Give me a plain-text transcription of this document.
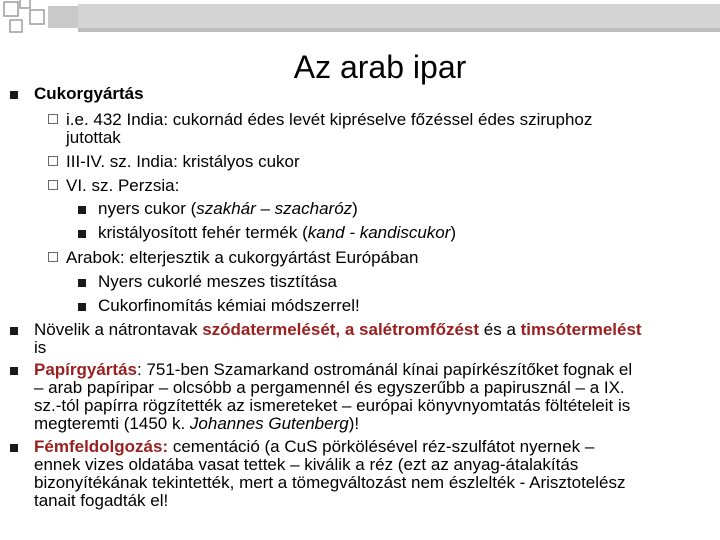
Az arab ipar
Cukorgyártás
i.e. 432 India: cukornád édes levét kipréselve főzéssel édes sziruphoz
jutottak
III-IV. sz. India: kristályos cukor
VI. sz. Perzsia:
nyers cukor (szakhár – szacharóz)
kristályosított fehér termék (kand - kandiscukor)
Arabok: elterjesztik a cukorgyártást Európában
Nyers cukorlé meszes tisztítása
Cukorfinomítás kémiai módszerrel!
Növelik a nátrontavak szódatermelését, a salétromfőzést és a timsótermelést
is
Papírgyártás: 751-ben Szamarkand ostrománál kínai papírkészítőket fognak el
– arab papíripar – olcsóbb a pergamennél és egyszerűbb a papirusznál – a IX.
sz.-tól papírra rögzítették az ismereteket – európai könyvnyomtatás föltételeit is
megteremti (1450 k. Johannes Gutenberg)!
Fémfeldolgozás: cementáció (a CuS pörkölésével réz-szulfátot nyernek –
ennek vizes oldatába vasat tettek – kiválik a réz (ezt az anyag-átalakítás
bizonyítékának tekintették, mert a tömegváltozást nem észlelték - Arisztotelész
tanait fogadták el!
